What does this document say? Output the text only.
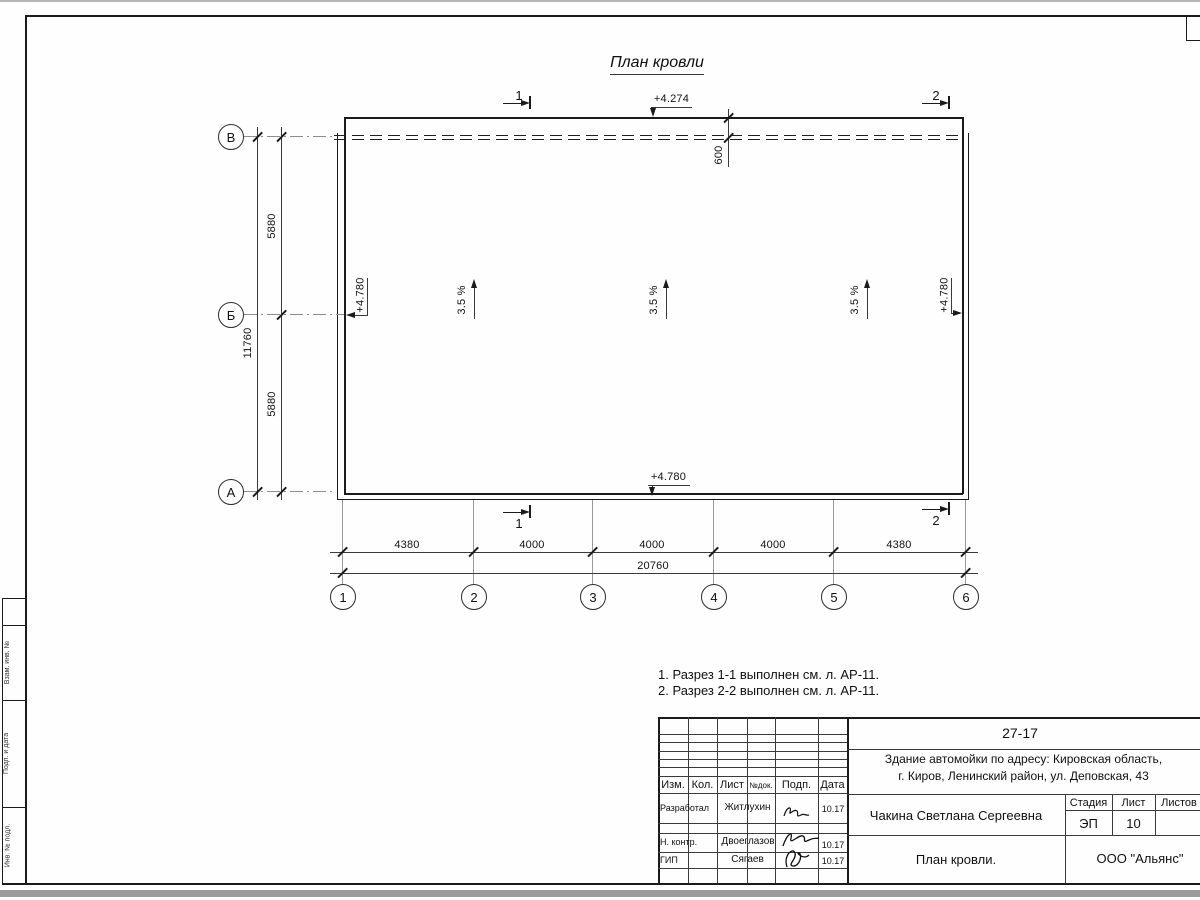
Взам. инв. №
Подп. и дата
Инв. № подл.
План кровли
В
Б
А
5880
5880
11760
4380	4000	4000	4000	4380
20760
1	2	3	4	5	6
600
+4.274
+4.780	+4.780
+4.780
3.5 %	3.5 %	3.5 %
1	2
1	2
1. Разрез 1-1 выполнен см. л. АР-11.
2. Разрез 2-2 выполнен см. л. АР-11.
Изм. Кол. Лист №док. Подп. Дата
Разработал	Житлухин	10.17
Н. контр.	Двоеглазов	10.17
ГИП	Сягаев	10.17
27-17
Здание автомойки по адресу: Кировская область,
г. Киров, Ленинский район, ул. Деповская, 43
Чакина Светлана Сергеевна
План кровли.
Стадия	Лист	Листов
ЭП	10
ООО "Альянс"
